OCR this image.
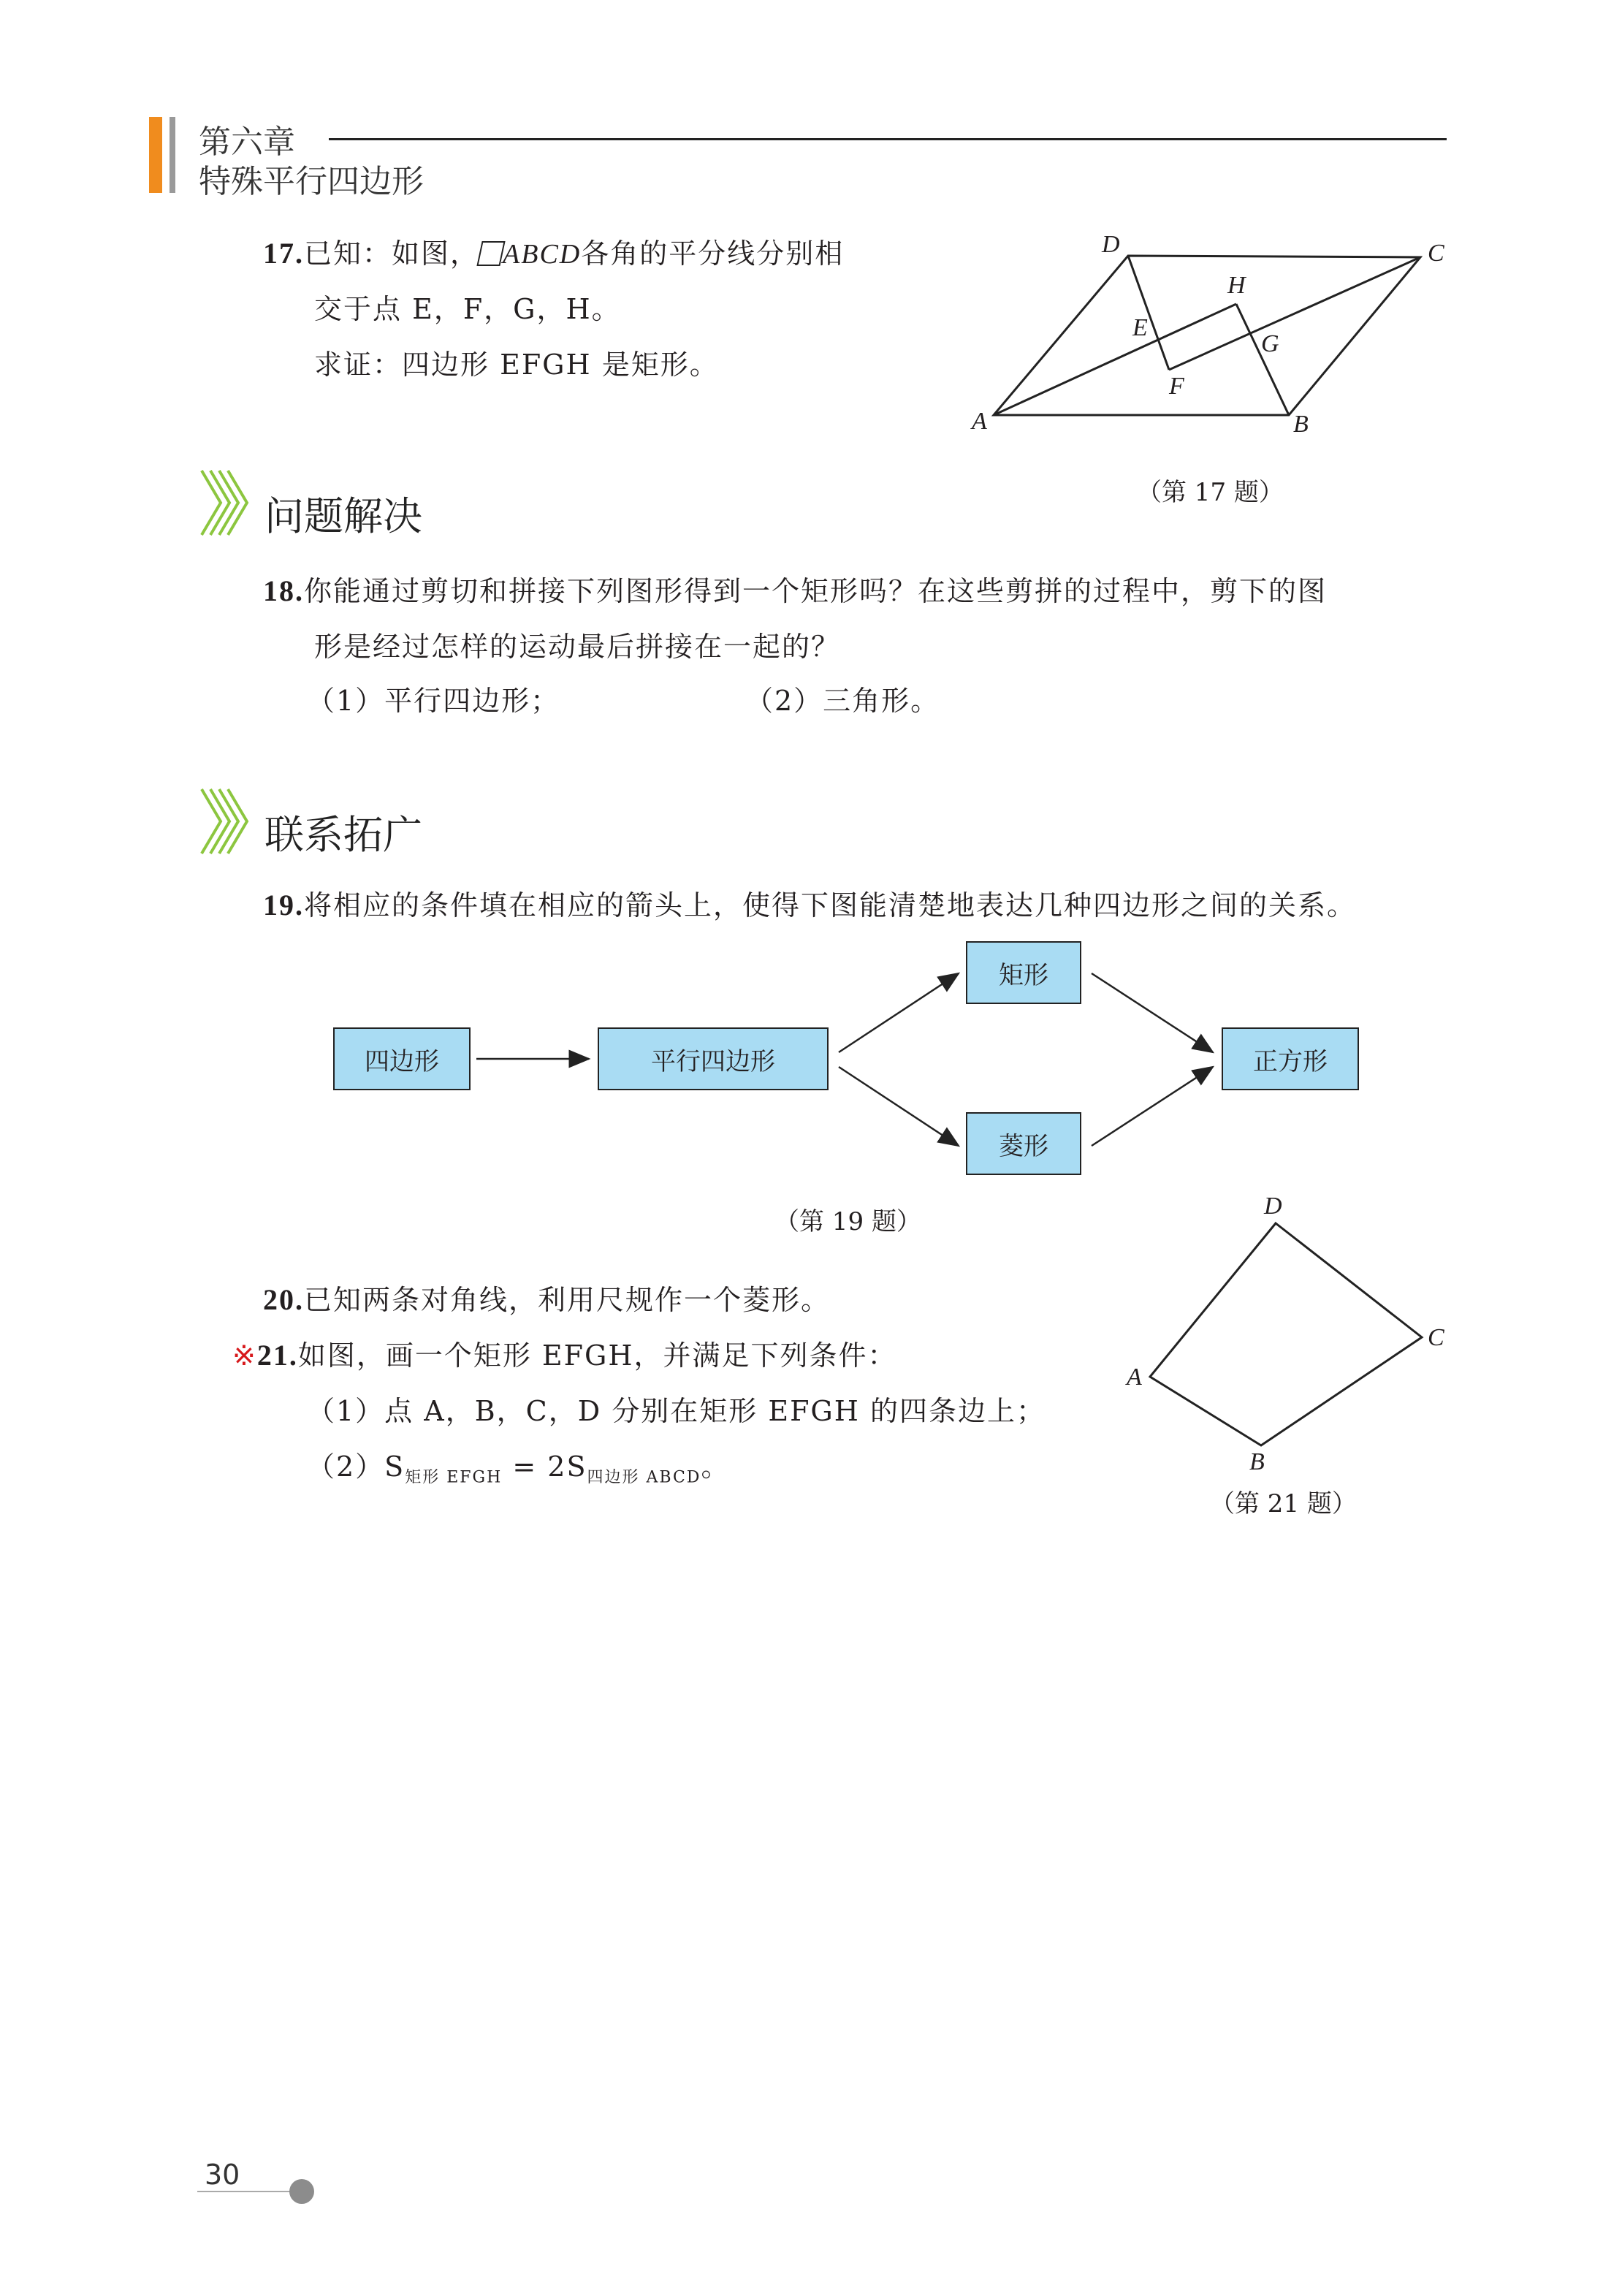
第六章
特殊平行四边形
17.已知：如图， ABCD各角的平分线分别相
交于点 E，F，G，H。
求证：四边形 EFGH 是矩形。
D	C
H
E
G
F
A	B
（第 17 题）
问题解决
18.你能通过剪切和拼接下列图形得到一个矩形吗？在这些剪拼的过程中，剪下的图
形是经过怎样的运动最后拼接在一起的？
（1）平行四边形；	（2）三角形。
联系拓广
19.将相应的条件填在相应的箭头上，使得下图能清楚地表达几种四边形之间的关系。
四边形	平行四边形
矩形
菱形
正方形
（第 19 题）
20.已知两条对角线，利用尺规作一个菱形。
※21.如图，画一个矩形 EFGH，并满足下列条件：
（1）点 A，B，C，D 分别在矩形 EFGH 的四条边上；
$(2)S_{矩形 EFGH} = 2S_{四边形 ABCD}$。
D
C
A
B
（第 21 题）
30
